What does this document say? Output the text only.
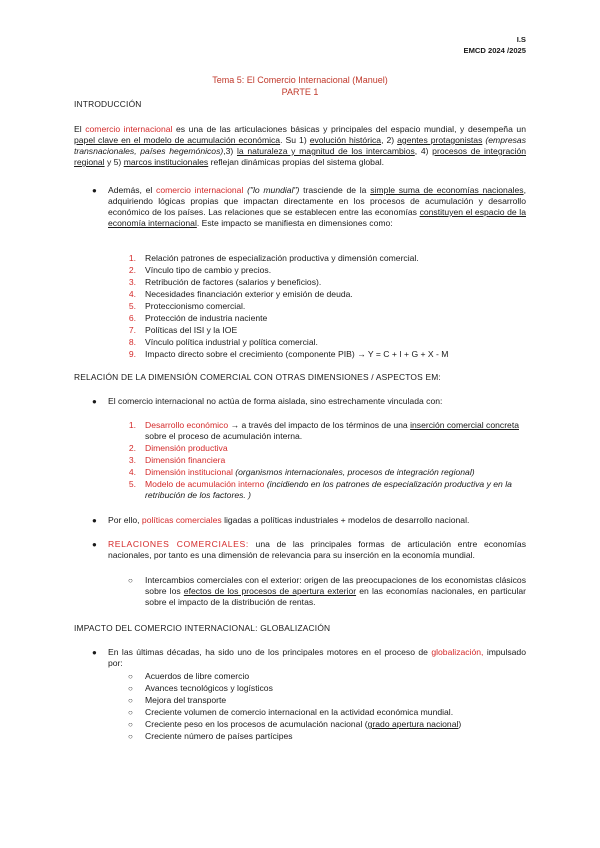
I.S
EMCD 2024 /2025
Tema 5: El Comercio Internacional (Manuel)
PARTE 1
INTRODUCCIÓN
El comercio internacional es una de las articulaciones básicas y principales del espacio mundial, y desempeña un papel clave en el modelo de acumulación económica. Su 1) evolución histórica, 2) agentes protagonistas (empresas transnacionales, países hegemónicos),3) la naturaleza y magnitud de los intercambios, 4) procesos de integración regional y 5) marcos institucionales reflejan dinámicas propias del sistema global.
● Además, el comercio internacional ("lo mundial") trasciende de la simple suma de economías nacionales, adquiriendo lógicas propias que impactan directamente en los procesos de acumulación y desarrollo económico de los países. Las relaciones que se establecen entre las economías constituyen el espacio de la economía internacional. Este impacto se manifiesta en dimensiones como:
1. Relación patrones de especialización productiva y dimensión comercial.
2. Vínculo tipo de cambio y precios.
3. Retribución de factores (salarios y beneficios).
4. Necesidades financiación exterior y emisión de deuda.
5. Proteccionismo comercial.
6. Protección de industria naciente
7. Políticas del ISI y la IOE
8. Vínculo política industrial y política comercial.
9. Impacto directo sobre el crecimiento (componente PIB) → Y = C + I + G + X - M
RELACIÓN DE LA DIMENSIÓN COMERCIAL CON OTRAS DIMENSIONES / ASPECTOS EM:
● El comercio internacional no actúa de forma aislada, sino estrechamente vinculada con:
1. Desarrollo económico → a través del impacto de los términos de una inserción comercial concreta sobre el proceso de acumulación interna.
2. Dimensión productiva
3. Dimensión financiera
4. Dimensión institucional (organismos internacionales, procesos de integración regional)
5. Modelo de acumulación interno (incidiendo en los patrones de especialización productiva y en la retribución de los factores. )
● Por ello, políticas comerciales ligadas a políticas industriales + modelos de desarrollo nacional.
● RELACIONES COMERCIALES: una de las principales formas de articulación entre economías nacionales, por tanto es una dimensión de relevancia para su inserción en la economía mundial.
○ Intercambios comerciales con el exterior: origen de las preocupaciones de los economistas clásicos sobre los efectos de los procesos de apertura exterior en las economías nacionales, en particular sobre el impacto de la distribución de rentas.
IMPACTO DEL COMERCIO INTERNACIONAL: GLOBALIZACIÓN
● En las últimas décadas, ha sido uno de los principales motores en el proceso de globalización, impulsado por:
○ Acuerdos de libre comercio
○ Avances tecnológicos y logísticos
○ Mejora del transporte
○ Creciente volumen de comercio internacional en la actividad económica mundial.
○ Creciente peso en los procesos de acumulación nacional (grado apertura nacional)
○ Creciente número de países partícipes
